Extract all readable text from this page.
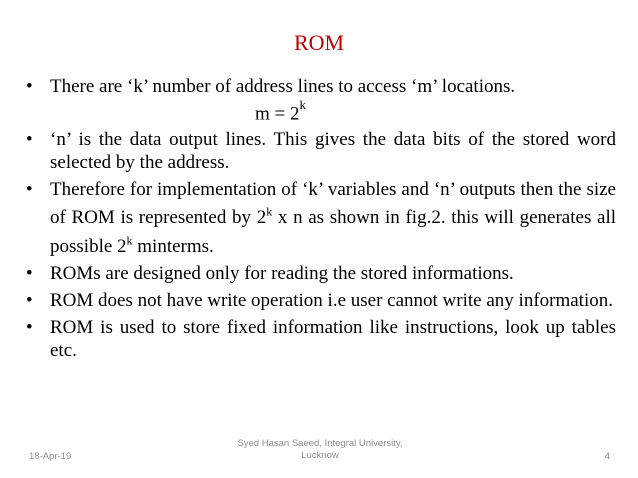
ROM
• There are ‘k’ number of address lines to access ‘m’ locations.
$m = 2^k$
• ‘n’ is the data output lines. This gives the data bits of the stored word selected by the address.
• Therefore for implementation of ‘k’ variables and ‘n’ outputs then the size of ROM is represented by 2$^k$ x n as shown in fig.2. this will generates all possible 2$^k$ minterms.
• ROMs are designed only for reading the stored informations.
• ROM does not have write operation i.e user cannot write any information.
• ROM is used to store fixed information like instructions, look up tables etc.
18-Apr-19
Syed Hasan Saeed, Integral University,
Lucknow	4
